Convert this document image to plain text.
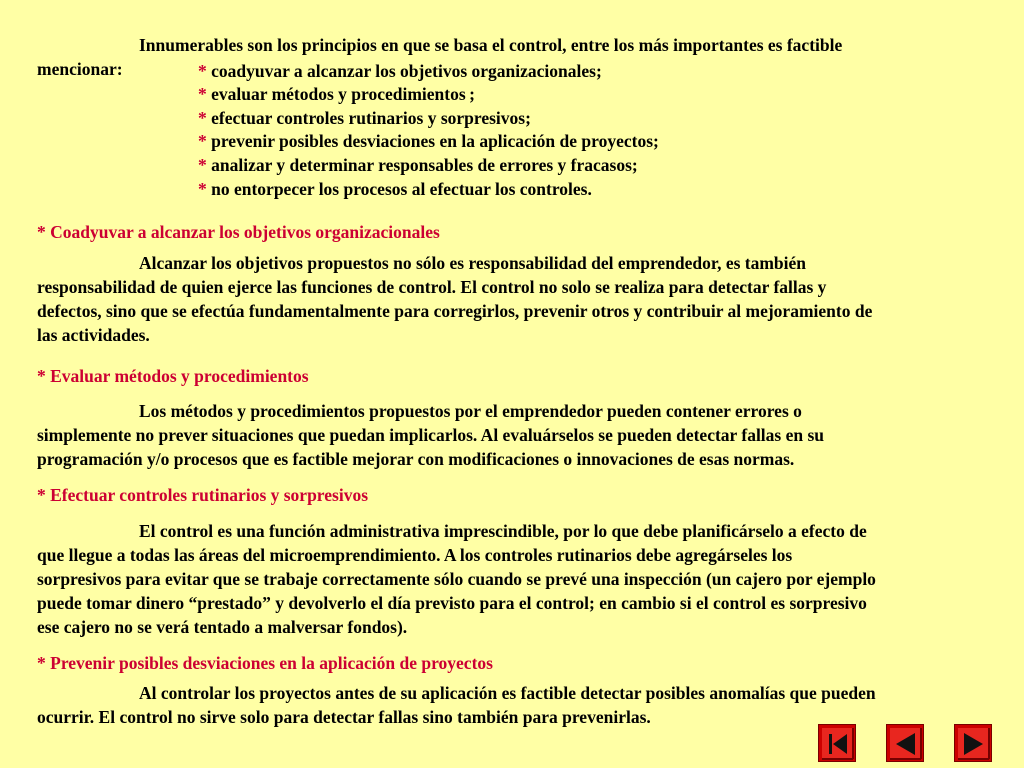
Innumerables son los principios en que se basa el control, entre los más importantes es factible
mencionar:	* coadyuvar a alcanzar los objetivos organizacionales;
* evaluar métodos y procedimientos ;
* efectuar controles rutinarios y sorpresivos;
* prevenir posibles desviaciones en la aplicación de proyectos;
* analizar y determinar responsables de errores y fracasos;
* no entorpecer los procesos al efectuar los controles.
* Coadyuvar a alcanzar los objetivos organizacionales
Alcanzar los objetivos propuestos no sólo es responsabilidad del emprendedor, es también
responsabilidad de quien ejerce las funciones de control. El control no solo se realiza para detectar fallas y
defectos, sino que se efectúa fundamentalmente para corregirlos, prevenir otros y contribuir al mejoramiento de
las actividades.
* Evaluar métodos y procedimientos
Los métodos y procedimientos propuestos por el emprendedor pueden contener errores o
simplemente no prever situaciones que puedan implicarlos. Al evaluárselos se pueden detectar fallas en su
programación y/o procesos que es factible mejorar con modificaciones o innovaciones de esas normas.
* Efectuar controles rutinarios y sorpresivos
El control es una función administrativa imprescindible, por lo que debe planificárselo a efecto de
que llegue a todas las áreas del microemprendimiento. A los controles rutinarios debe agregárseles los
sorpresivos para evitar que se trabaje correctamente sólo cuando se prevé una inspección (un cajero por ejemplo
puede tomar dinero “prestado” y devolverlo el día previsto para el control; en cambio si el control es sorpresivo
ese cajero no se verá tentado a malversar fondos).
* Prevenir posibles desviaciones en la aplicación de proyectos
Al controlar los proyectos antes de su aplicación es factible detectar posibles anomalías que pueden
ocurrir. El control no sirve solo para detectar fallas sino también para prevenirlas.
